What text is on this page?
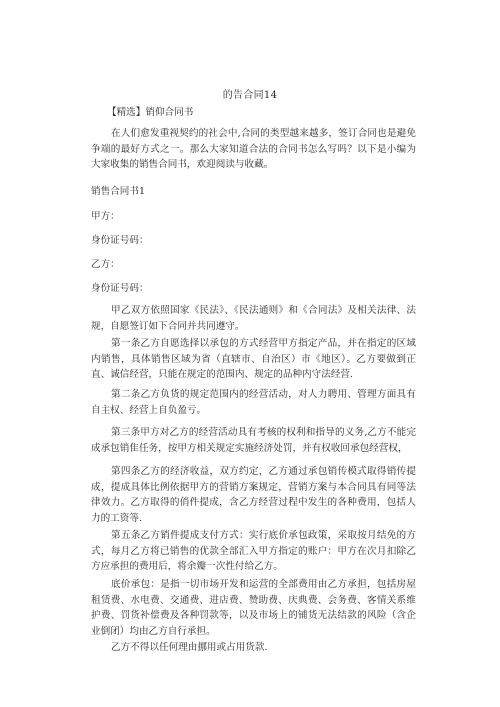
的告合同14
【精选】销仰合同书
在人们愈发重视契约的社会中,合同的类型越来越多，签订合同也是避免争端的最好方式之一。那么大家知道合法的合同书怎么写吗？以下是小编为大家收集的销售合同书，欢迎阅读与收藏。
销售合同书1
甲方：
身份证号码：
乙方：
身份证号码：
甲乙双方依照国家《民法》、《民法通则》和《合同法》及相关法律、法规，自愿签订如下合同并共同遵守。
第一条乙方自愿选择以承包的方式经营甲方指定产品，并在指定的区域内销售，具体销售区域为省（直辖市、自治区）市《地区）。乙方要做到正直、诚信经营，只能在规定的范围内、规定的品种内守法经营.
第二条乙方负货的规定范围内的经营活动，对人力聘用、管理方面具有自主权、经营上自负盈亏。
第三条甲方对乙方的经营活动具有考核的权利和指导的义务,乙方不能完成承包销隹任务，按甲方相关规定实施经济处罚，并有权收回承包经营权，
第四条乙方的经济收益，双方约定，乙方通过承包销传模式取得销传提成，提成具体比例依据甲方的营销方案规定，营销方案与本合同具有同等法律效力。乙方取得的俏件提成，含乙方经营过程中发生的各种费用，包括人力的工资等.
第五条乙方销件提成支付方式：实行底价承包政策，采取按月结免的方式，每月乙方将已销售的优款全部汇入甲方指定的账户：甲方在次月扣除乙方应承担的费用后，将余瓣一次性付给乙方。
底价承包：是指一切市场开发和运营的全部费用由乙方承担，包括房屋租赁费、水电费、交通费、进店费、赞助费、庆典费、会务费、客情关系维护费、罚货补偿费及各种罚款等，以及市场上的铺货无法结款的风险（含企业倒闭）均由乙方自行承担。
乙方不得以任何理由挪用或占用货款.
